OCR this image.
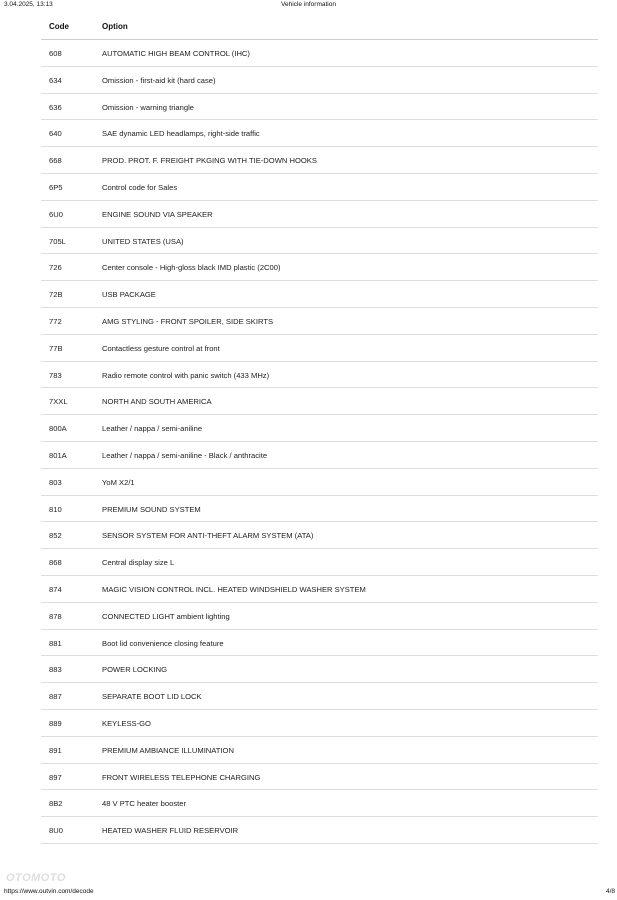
3.04.2025, 13:13	Vehicle information
Code	Option
608	AUTOMATIC HIGH BEAM CONTROL (IHC)
634	Omission - first-aid kit (hard case)
636	Omission - warning triangle
640	SAE dynamic LED headlamps, right-side traffic
668	PROD. PROT. F. FREIGHT PKGING WITH TIE-DOWN HOOKS
6P5	Control code for Sales
6U0	ENGINE SOUND VIA SPEAKER
705L	UNITED STATES (USA)
726	Center console - High-gloss black IMD plastic (2C00)
72B	USB PACKAGE
772	AMG STYLING - FRONT SPOILER, SIDE SKIRTS
77B	Contactless gesture control at front
783	Radio remote control with panic switch (433 MHz)
7XXL	NORTH AND SOUTH AMERICA
800A	Leather / nappa / semi-aniline
801A	Leather / nappa / semi-aniline - Black / anthracite
803	YoM X2/1
810	PREMIUM SOUND SYSTEM
852	SENSOR SYSTEM FOR ANTI-THEFT ALARM SYSTEM (ATA)
868	Central display size L
874	MAGIC VISION CONTROL INCL. HEATED WINDSHIELD WASHER SYSTEM
878	CONNECTED LIGHT ambient lighting
881	Boot lid convenience closing feature
883	POWER LOCKING
887	SEPARATE BOOT LID LOCK
889	KEYLESS-GO
891	PREMIUM AMBIANCE ILLUMINATION
897	FRONT WIRELESS TELEPHONE CHARGING
8B2	48 V PTC heater booster
8U0	HEATED WASHER FLUID RESERVOIR
OTOMOTO
https://www.outvin.com/decode	4/8
